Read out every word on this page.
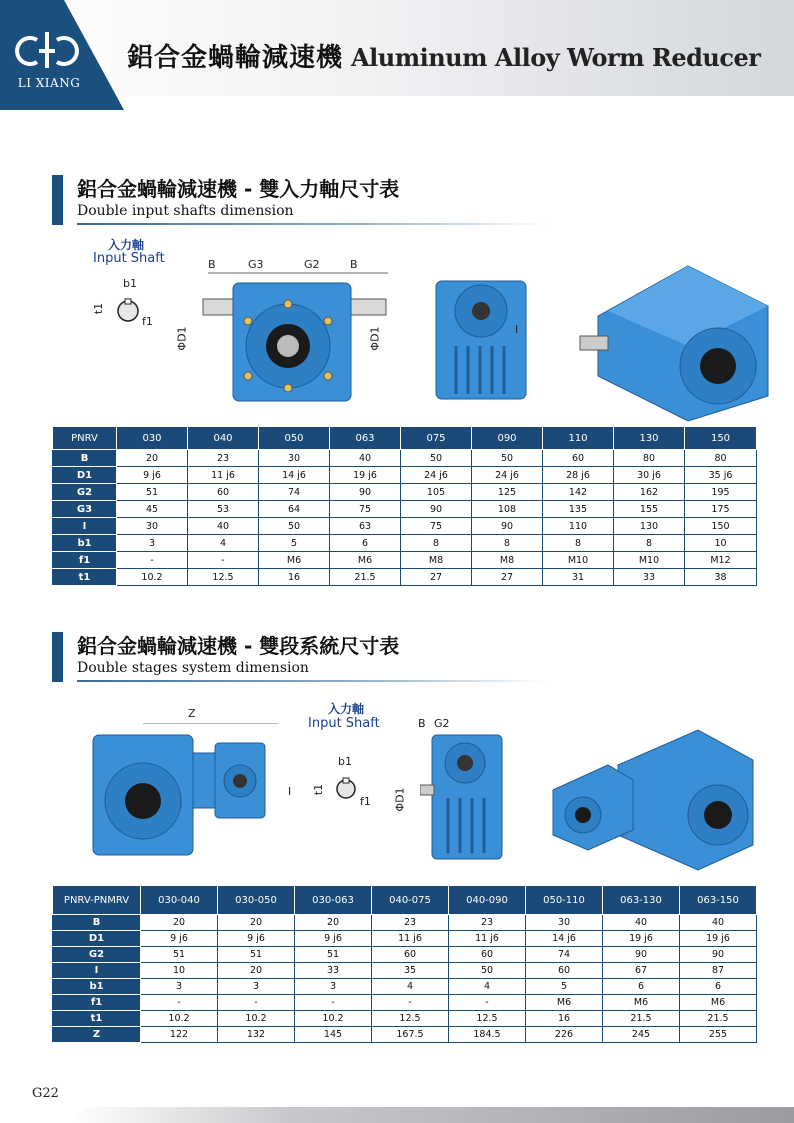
LI XIANG
鋁合金蝸輪減速機 Aluminum Alloy Worm Reducer
鋁合金蝸輪減速機 - 雙入力軸尺寸表
Double input shafts dimension
入力軸
Input Shaft
b1
f1
t1
B	G3	G2	B
ΦD1	ΦD1	I
PNRV	030	040	050	063	075	090	110	130	150
B	20	23	30	40	50	50	60	80	80
D1	9 j6	11 j6	14 j6	19 j6	24 j6	24 j6	28 j6	30 j6	35 j6
G2	51	60	74	90	105	125	142	162	195
G3	45	53	64	75	90	108	135	155	175
I	30	40	50	63	75	90	110	130	150
b1	3	4	5	6	8	8	8	8	10
f1	-	-	M6	M6	M8	M8	M10	M10	M12
t1	10.2	12.5	16	21.5	27	27	31	33	38
鋁合金蝸輪減速機 - 雙段系統尺寸表
Double stages system dimension
Z
I
入力軸
Input Shaft
b1
f1
t1
B G2
ΦD1
PNRV-PNMRV	030-040	030-050	030-063	040-075	040-090	050-110	063-130	063-150
B	20	20	20	23	23	30	40	40
D1	9 j6	9 j6	9 j6	11 j6	11 j6	14 j6	19 j6	19 j6
G2	51	51	51	60	60	74	90	90
I	10	20	33	35	50	60	67	87
b1	3	3	3	4	4	5	6	6
f1	-	-	-	-	-	M6	M6	M6
t1	10.2	10.2	10.2	12.5	12.5	16	21.5	21.5
Z	122	132	145	167.5	184.5	226	245	255
G22
